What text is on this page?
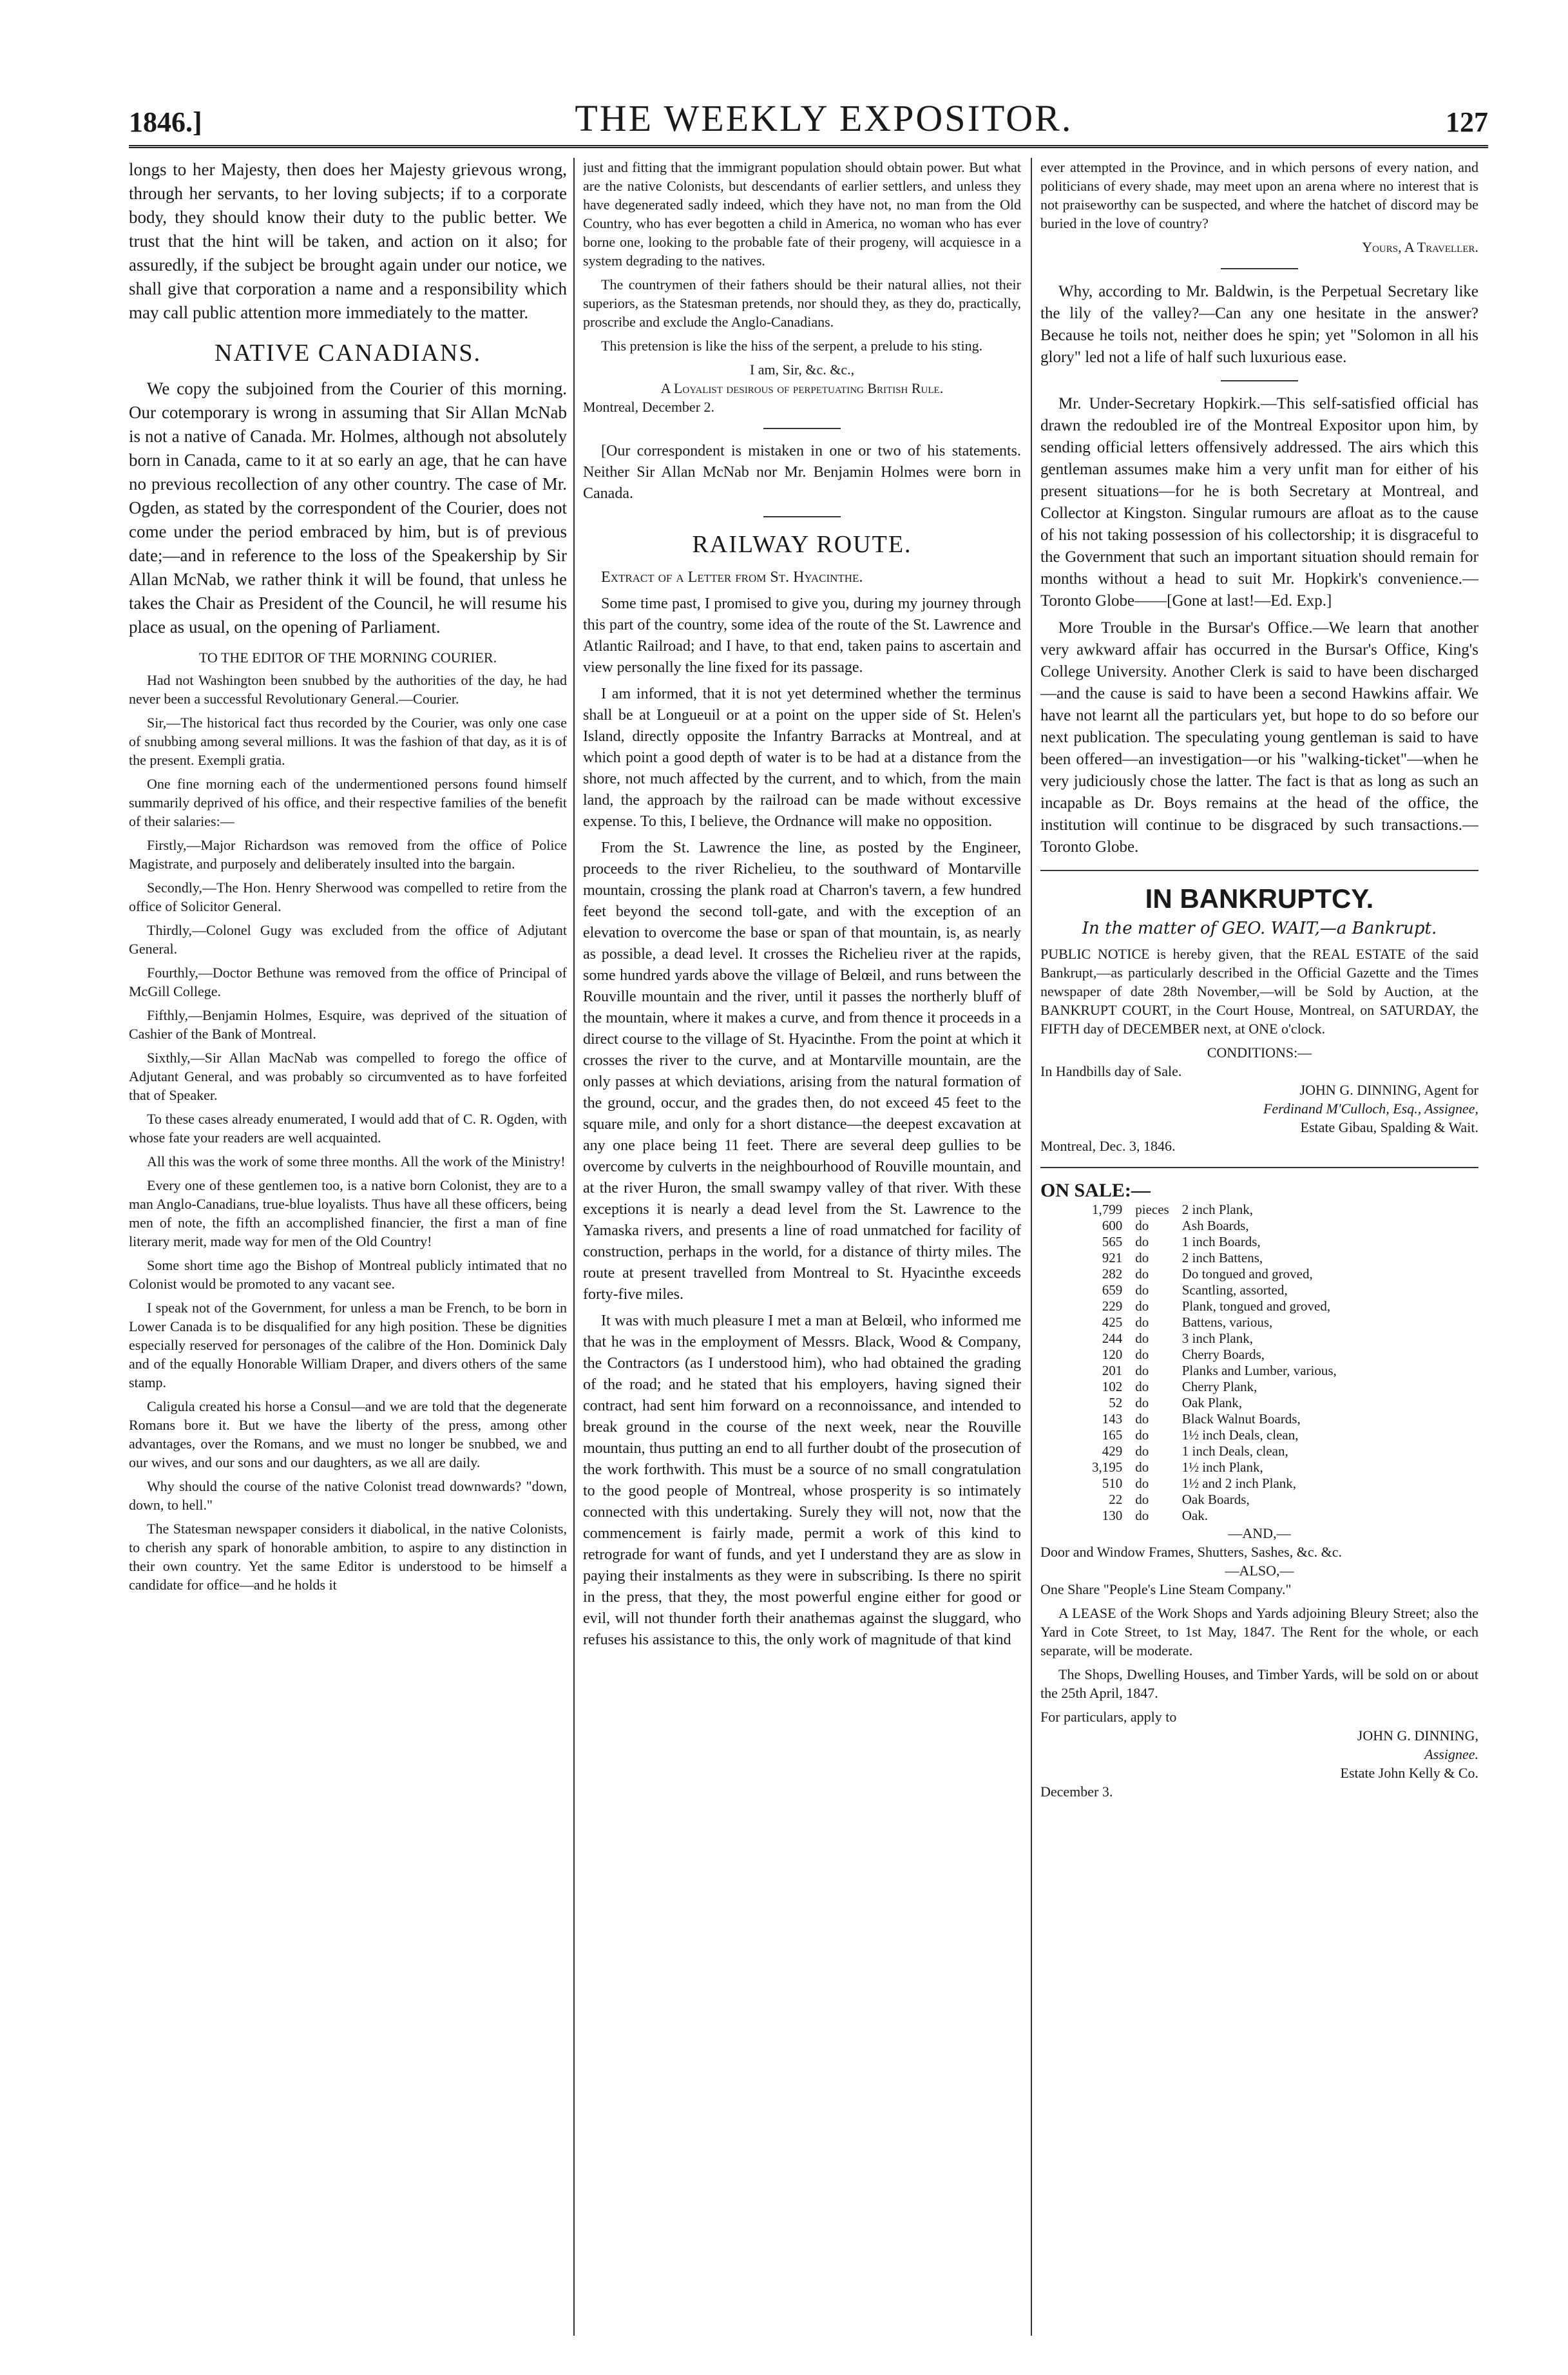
1846.]	THE WEEKLY EXPOSITOR.	127

longs to her Majesty, then does her Majesty grievous wrong, through her servants, to her loving subjects; if to a corporate body, they should know their duty to the public better. We trust that the hint will be taken, and action on it also; for assuredly, if the subject be brought again under our notice, we shall give that corporation a name and a responsibility which may call public attention more immediately to the matter.

NATIVE CANADIANS.

We copy the subjoined from the Courier of this morning. Our cotemporary is wrong in assuming that Sir Allan McNab is not a native of Canada. Mr. Holmes, although not absolutely born in Canada, came to it at so early an age, that he can have no previous recollection of any other country. The case of Mr. Ogden, as stated by the correspondent of the Courier, does not come under the period embraced by him, but is of previous date;—and in reference to the loss of the Speakership by Sir Allan McNab, we rather think it will be found, that unless he takes the Chair as President of the Council, he will resume his place as usual, on the opening of Parliament.

TO THE EDITOR OF THE MORNING COURIER.

Had not Washington been snubbed by the authorities of the day, he had never been a successful Revolutionary General.—Courier.

Sir,—The historical fact thus recorded by the Courier, was only one case of snubbing among several millions. It was the fashion of that day, as it is of the present. Exempli gratia.

One fine morning each of the undermentioned persons found himself summarily deprived of his office, and their respective families of the benefit of their salaries:—

Firstly,—Major Richardson was removed from the office of Police Magistrate, and purposely and deliberately insulted into the bargain.

Secondly,—The Hon. Henry Sherwood was compelled to retire from the office of Solicitor General.

Thirdly,—Colonel Gugy was excluded from the office of Adjutant General.

Fourthly,—Doctor Bethune was removed from the office of Principal of McGill College.

Fifthly,—Benjamin Holmes, Esquire, was deprived of the situation of Cashier of the Bank of Montreal.

Sixthly,—Sir Allan MacNab was compelled to forego the office of Adjutant General, and was probably so circumvented as to have forfeited that of Speaker.

To these cases already enumerated, I would add that of C. R. Ogden, with whose fate your readers are well acquainted.

All this was the work of some three months. All the work of the Ministry!

Every one of these gentlemen too, is a native born Colonist, they are to a man Anglo-Canadians, true-blue loyalists. Thus have all these officers, being men of note, the fifth an accomplished financier, the first a man of fine literary merit, made way for men of the Old Country!

Some short time ago the Bishop of Montreal publicly intimated that no Colonist would be promoted to any vacant see.

I speak not of the Government, for unless a man be French, to be born in Lower Canada is to be disqualified for any high position. These be dignities especially reserved for personages of the calibre of the Hon. Dominick Daly and of the equally Honorable William Draper, and divers others of the same stamp.

Caligula created his horse a Consul—and we are told that the degenerate Romans bore it. But we have the liberty of the press, among other advantages, over the Romans, and we must no longer be snubbed, we and our wives, and our sons and our daughters, as we all are daily.

Why should the course of the native Colonist tread downwards? "down, down, to hell."

The Statesman newspaper considers it diabolical, in the native Colonists, to cherish any spark of honorable ambition, to aspire to any distinction in their own country. Yet the same Editor is understood to be himself a candidate for office—and he holds it

just and fitting that the immigrant population should obtain power. But what are the native Colonists, but descendants of earlier settlers, and unless they have degenerated sadly indeed, which they have not, no man from the Old Country, who has ever begotten a child in America, no woman who has ever borne one, looking to the probable fate of their progeny, will acquiesce in a system degrading to the natives.

The countrymen of their fathers should be their natural allies, not their superiors, as the Statesman pretends, nor should they, as they do, practically, proscribe and exclude the Anglo-Canadians.

This pretension is like the hiss of the serpent, a prelude to his sting.

I am, Sir, &c. &c.,
A Loyalist desirous of perpetuating British Rule.
Montreal, December 2.

[Our correspondent is mistaken in one or two of his statements. Neither Sir Allan McNab nor Mr. Benjamin Holmes were born in Canada.

RAILWAY ROUTE.

Extract of a Letter from St. Hyacinthe.

Some time past, I promised to give you, during my journey through this part of the country, some idea of the route of the St. Lawrence and Atlantic Railroad; and I have, to that end, taken pains to ascertain and view personally the line fixed for its passage.

I am informed, that it is not yet determined whether the terminus shall be at Longueuil or at a point on the upper side of St. Helen's Island, directly opposite the Infantry Barracks at Montreal, and at which point a good depth of water is to be had at a distance from the shore, not much affected by the current, and to which, from the main land, the approach by the railroad can be made without excessive expense. To this, I believe, the Ordnance will make no opposition.

From the St. Lawrence the line, as posted by the Engineer, proceeds to the river Richelieu, to the southward of Montarville mountain, crossing the plank road at Charron's tavern, a few hundred feet beyond the second toll-gate, and with the exception of an elevation to overcome the base or span of that mountain, is, as nearly as possible, a dead level. It crosses the Richelieu river at the rapids, some hundred yards above the village of Belœil, and runs between the Rouville mountain and the river, until it passes the northerly bluff of the mountain, where it makes a curve, and from thence it proceeds in a direct course to the village of St. Hyacinthe. From the point at which it crosses the river to the curve, and at Montarville mountain, are the only passes at which deviations, arising from the natural formation of the ground, occur, and the grades then, do not exceed 45 feet to the square mile, and only for a short distance—the deepest excavation at any one place being 11 feet. There are several deep gullies to be overcome by culverts in the neighbourhood of Rouville mountain, and at the river Huron, the small swampy valley of that river. With these exceptions it is nearly a dead level from the St. Lawrence to the Yamaska rivers, and presents a line of road unmatched for facility of construction, perhaps in the world, for a distance of thirty miles. The route at present travelled from Montreal to St. Hyacinthe exceeds forty-five miles.

It was with much pleasure I met a man at Belœil, who informed me that he was in the employment of Messrs. Black, Wood & Company, the Contractors (as I understood him), who had obtained the grading of the road; and he stated that his employers, having signed their contract, had sent him forward on a reconnoissance, and intended to break ground in the course of the next week, near the Rouville mountain, thus putting an end to all further doubt of the prosecution of the work forthwith. This must be a source of no small congratulation to the good people of Montreal, whose prosperity is so intimately connected with this undertaking. Surely they will not, now that the commencement is fairly made, permit a work of this kind to retrograde for want of funds, and yet I understand they are as slow in paying their instalments as they were in subscribing. Is there no spirit in the press, that they, the most powerful engine either for good or evil, will not thunder forth their anathemas against the sluggard, who refuses his assistance to this, the only work of magnitude of that kind

ever attempted in the Province, and in which persons of every nation, and politicians of every shade, may meet upon an arena where no interest that is not praiseworthy can be suspected, and where the hatchet of discord may be buried in the love of country?

Yours, A Traveller.

Why, according to Mr. Baldwin, is the Perpetual Secretary like the lily of the valley?—Can any one hesitate in the answer? Because he toils not, neither does he spin; yet "Solomon in all his glory" led not a life of half such luxurious ease.

Mr. Under-Secretary Hopkirk.—This self-satisfied official has drawn the redoubled ire of the Montreal Expositor upon him, by sending official letters offensively addressed. The airs which this gentleman assumes make him a very unfit man for either of his present situations—for he is both Secretary at Montreal, and Collector at Kingston. Singular rumours are afloat as to the cause of his not taking possession of his collectorship; it is disgraceful to the Government that such an important situation should remain for months without a head to suit Mr. Hopkirk's convenience.—Toronto Globe——[Gone at last!—Ed. Exp.]

More Trouble in the Bursar's Office.—We learn that another very awkward affair has occurred in the Bursar's Office, King's College University. Another Clerk is said to have been discharged—and the cause is said to have been a second Hawkins affair. We have not learnt all the particulars yet, but hope to do so before our next publication. The speculating young gentleman is said to have been offered—an investigation—or his "walking-ticket"—when he very judiciously chose the latter. The fact is that as long as such an incapable as Dr. Boys remains at the head of the office, the institution will continue to be disgraced by such transactions.—Toronto Globe.

IN BANKRUPTCY.
In the matter of GEO. WAIT,—a Bankrupt.

PUBLIC NOTICE is hereby given, that the REAL ESTATE of the said Bankrupt,—as particularly described in the Official Gazette and the Times newspaper of date 28th November,—will be Sold by Auction, at the BANKRUPT COURT, in the Court House, Montreal, on SATURDAY, the FIFTH day of DECEMBER next, at ONE o'clock.

CONDITIONS:—
In Handbills day of Sale.
JOHN G. DINNING, Agent for
Ferdinand M'Culloch, Esq., Assignee,
Estate Gibau, Spalding & Wait.
Montreal, Dec. 3, 1846.
ON SALE:—
1,799	pieces	2 inch Plank,
600	do	Ash Boards,
565	do	1 inch Boards,
921	do	2 inch Battens,
282	do	Do tongued and groved,
659	do	Scantling, assorted,
229	do	Plank, tongued and groved,
425	do	Battens, various,
244	do	3 inch Plank,
120	do	Cherry Boards,
201	do	Planks and Lumber, various,
102	do	Cherry Plank,
52	do	Oak Plank,
143	do	Black Walnut Boards,
165	do	1½ inch Deals, clean,
429	do	1 inch Deals, clean,
3,195	do	1½ inch Plank,
510	do	1½ and 2 inch Plank,
22	do	Oak Boards,
130	do	Oak.
—AND,—
Door and Window Frames, Shutters, Sashes, &c. &c.
—ALSO,—

One Share "People's Line Steam Company."

A LEASE of the Work Shops and Yards adjoining Bleury Street; also the Yard in Cote Street, to 1st May, 1847. The Rent for the whole, or each separate, will be moderate.

The Shops, Dwelling Houses, and Timber Yards, will be sold on or about the 25th April, 1847.

For particulars, apply to
JOHN G. DINNING,
Assignee.
Estate John Kelly & Co.
December 3.
